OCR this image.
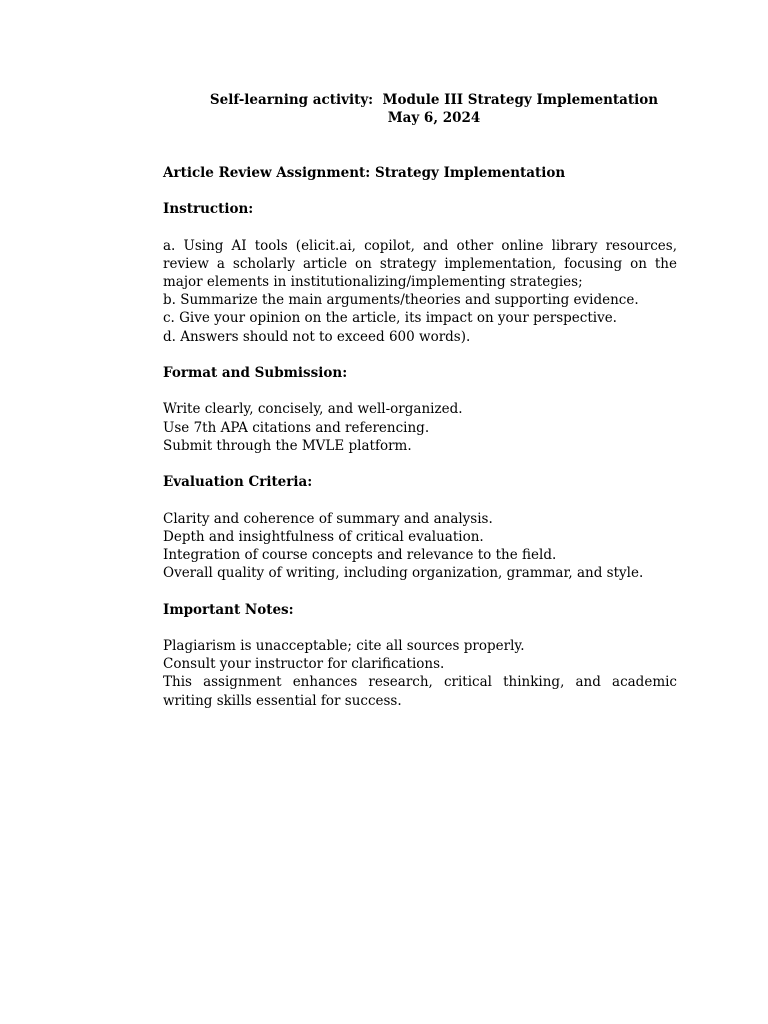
Self-learning activity:  Module III Strategy Implementation
May 6, 2024
Article Review Assignment: Strategy Implementation
Instruction:
a. Using AI tools (elicit.ai, copilot, and other online library resources, review a scholarly article on strategy implementation, focusing on the major elements in institutionalizing/implementing strategies;
b. Summarize the main arguments/theories and supporting evidence.
c. Give your opinion on the article, its impact on your perspective.
d. Answers should not to exceed 600 words).
Format and Submission:
Write clearly, concisely, and well-organized.
Use 7th APA citations and referencing.
Submit through the MVLE platform.
Evaluation Criteria:
Clarity and coherence of summary and analysis.
Depth and insightfulness of critical evaluation.
Integration of course concepts and relevance to the field.
Overall quality of writing, including organization, grammar, and style.
Important Notes:
Plagiarism is unacceptable; cite all sources properly.
Consult your instructor for clarifications.
This assignment enhances research, critical thinking, and academic writing skills essential for success.
